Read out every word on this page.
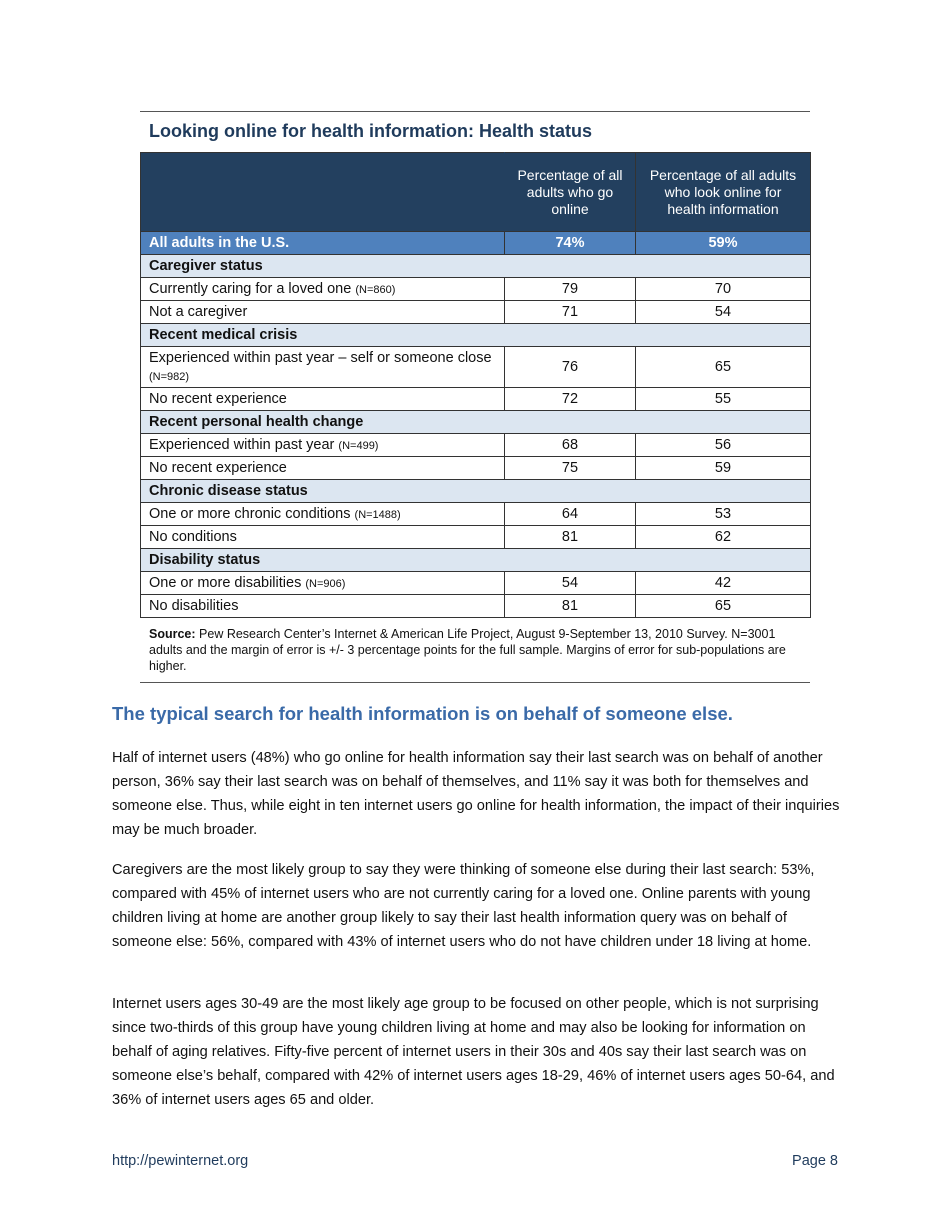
Looking online for health information: Health status
	Percentage of all adults who go online	Percentage of all adults who look online for health information
All adults in the U.S.	74%	59%
Caregiver status		
Currently caring for a loved one (N=860)	79	70
Not a caregiver	71	54
Recent medical crisis		
Experienced within past year – self or someone close (N=982)	76	65
No recent experience	72	55
Recent personal health change		
Experienced within past year (N=499)	68	56
No recent experience	75	59
Chronic disease status		
One or more chronic conditions (N=1488)	64	53
No conditions	81	62
Disability status		
One or more disabilities (N=906)	54	42
No disabilities	81	65

Source: Pew Research Center’s Internet & American Life Project, August 9-September 13, 2010 Survey. N=3001 adults and the margin of error is +/- 3 percentage points for the full sample. Margins of error for sub-populations are higher.

The typical search for health information is on behalf of someone else.

Half of internet users (48%) who go online for health information say their last search was on behalf of another person, 36% say their last search was on behalf of themselves, and 11% say it was both for themselves and someone else. Thus, while eight in ten internet users go online for health information, the impact of their inquiries may be much broader.

Caregivers are the most likely group to say they were thinking of someone else during their last search: 53%, compared with 45% of internet users who are not currently caring for a loved one. Online parents with young children living at home are another group likely to say their last health information query was on behalf of someone else: 56%, compared with 43% of internet users who do not have children under 18 living at home.

Internet users ages 30-49 are the most likely age group to be focused on other people, which is not surprising since two-thirds of this group have young children living at home and may also be looking for information on behalf of aging relatives. Fifty-five percent of internet users in their 30s and 40s say their last search was on someone else’s behalf, compared with 42% of internet users ages 18-29, 46% of internet users ages 50-64, and 36% of internet users ages 65 and older.

http://pewinternet.org	Page 8
